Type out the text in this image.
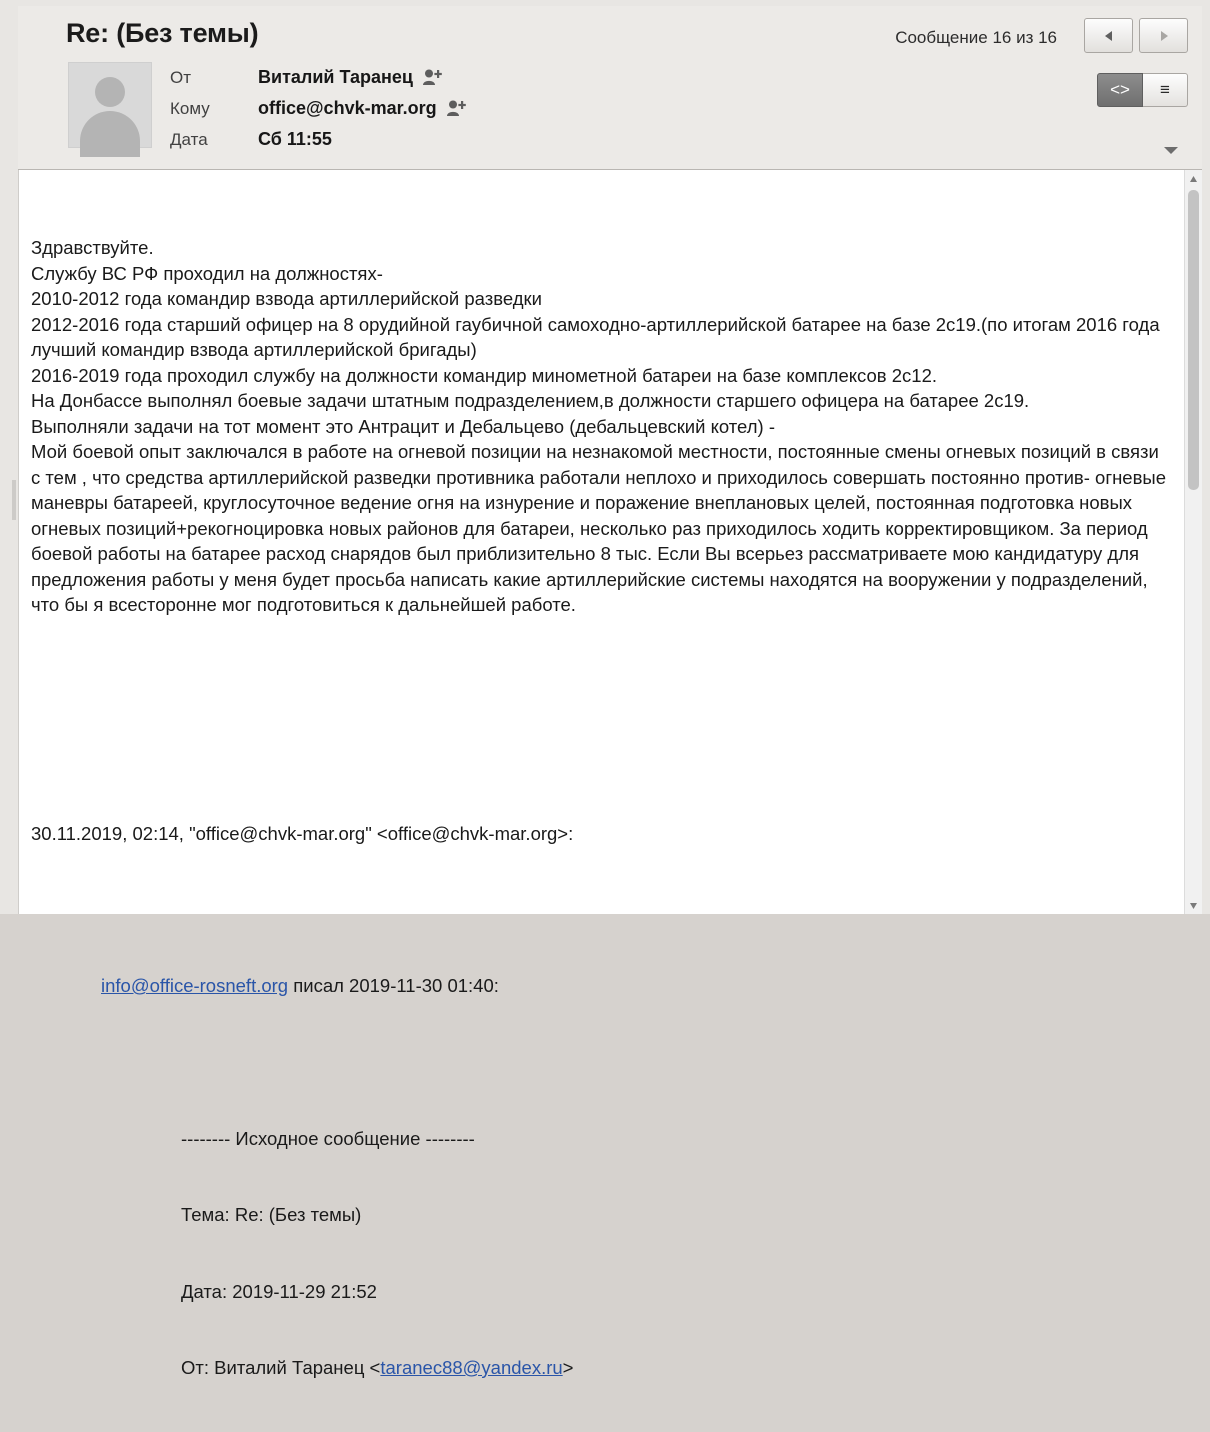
Re: (Без темы)	Сообщение 16 из 16
От	Виталий Таранец
Кому	office@chvk-mar.org
Дата	Сб 11:55
<>	≡

Здравствуйте.
Службу ВС РФ проходил на должностях-
2010-2012 года командир взвода артиллерийской разведки
2012-2016 года старший офицер на 8 орудийной гаубичной самоходно-артиллерийской батарее на базе 2с19.(по итогам 2016 года лучший командир взвода артиллерийской бригады)
2016-2019 года проходил службу на должности командир минометной батареи на базе комплексов 2с12.
На Донбассе выполнял боевые задачи штатным подразделением,в должности старшего офицера на батарее 2с19.
Выполняли задачи на тот момент это Антрацит и Дебальцево (дебальцевский котел) -
Мой боевой опыт заключался в работе на огневой позиции на незнакомой местности, постоянные смены огневых позиций в связи с тем , что средства артиллерийской разведки противника работали неплохо и приходилось совершать постоянно против- огневые маневры батареей, круглосуточное ведение огня на изнурение и поражение внеплановых целей, постоянная подготовка новых огневых позиций+рекогноцировка новых районов для батареи, несколько раз приходилось ходить корректировщиком. За период боевой работы на батарее расход снарядов был приблизительно 8 тыс. Если Вы всерьез рассматриваете мою кандидатуру для предложения работы у меня будет просьба написать какие артиллерийские системы находятся на вооружении у подразделений, что бы я всесторонне мог подготовиться к дальнейшей работе.

30.11.2019, 02:14, "office@chvk-mar.org" <office@chvk-mar.org>:

info@office-rosneft.org писал 2019-11-30 01:40:

-------- Исходное сообщение --------

Тема: Re: (Без темы)

Дата: 2019-11-29 21:52

От: Виталий Таранец <taranec88@yandex.ru>
